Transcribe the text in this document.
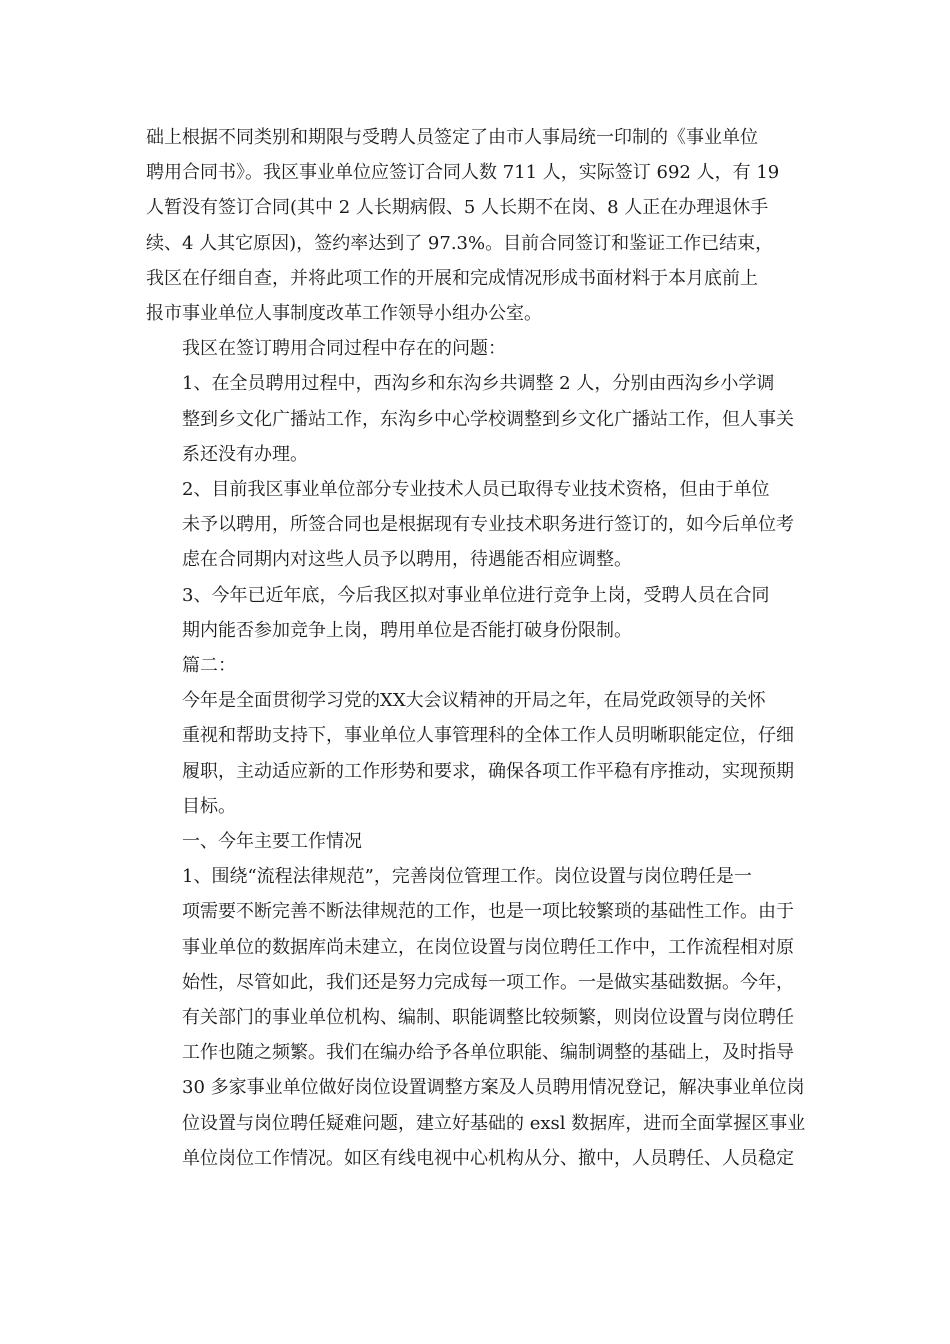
础上根据不同类别和期限与受聘人员签定了由市人事局统一印制的《事业单位
聘用合同书》。我区事业单位应签订合同人数 711 人，实际签订 692 人，有 19
人暂没有签订合同(其中 2 人长期病假、5 人长期不在岗、8 人正在办理退休手
续、4 人其它原因)，签约率达到了 97.3%。目前合同签订和鉴证工作已结束，
我区在仔细自查，并将此项工作的开展和完成情况形成书面材料于本月底前上
报市事业单位人事制度改革工作领导小组办公室。

我区在签订聘用合同过程中存在的问题：

1、在全员聘用过程中，西沟乡和东沟乡共调整 2 人，分别由西沟乡小学调
整到乡文化广播站工作，东沟乡中心学校调整到乡文化广播站工作，但人事关
系还没有办理。

2、目前我区事业单位部分专业技术人员已取得专业技术资格，但由于单位
未予以聘用，所签合同也是根据现有专业技术职务进行签订的，如今后单位考
虑在合同期内对这些人员予以聘用，待遇能否相应调整。

3、今年已近年底，今后我区拟对事业单位进行竞争上岗，受聘人员在合同
期内能否参加竞争上岗，聘用单位是否能打破身份限制。

篇二：

今年是全面贯彻学习党的XX大会议精神的开局之年，在局党政领导的关怀
重视和帮助支持下，事业单位人事管理科的全体工作人员明晰职能定位，仔细
履职，主动适应新的工作形势和要求，确保各项工作平稳有序推动，实现预期
目标。

一、今年主要工作情况

1、围绕“流程法律规范”，完善岗位管理工作。岗位设置与岗位聘任是一
项需要不断完善不断法律规范的工作，也是一项比较繁琐的基础性工作。由于
事业单位的数据库尚未建立，在岗位设置与岗位聘任工作中，工作流程相对原
始性，尽管如此，我们还是努力完成每一项工作。一是做实基础数据。今年，
有关部门的事业单位机构、编制、职能调整比较频繁，则岗位设置与岗位聘任
工作也随之频繁。我们在编办给予各单位职能、编制调整的基础上，及时指导
30 多家事业单位做好岗位设置调整方案及人员聘用情况登记，解决事业单位岗
位设置与岗位聘任疑难问题，建立好基础的 exsl 数据库，进而全面掌握区事业
单位岗位工作情况。如区有线电视中心机构从分、撤中，人员聘任、人员稳定
